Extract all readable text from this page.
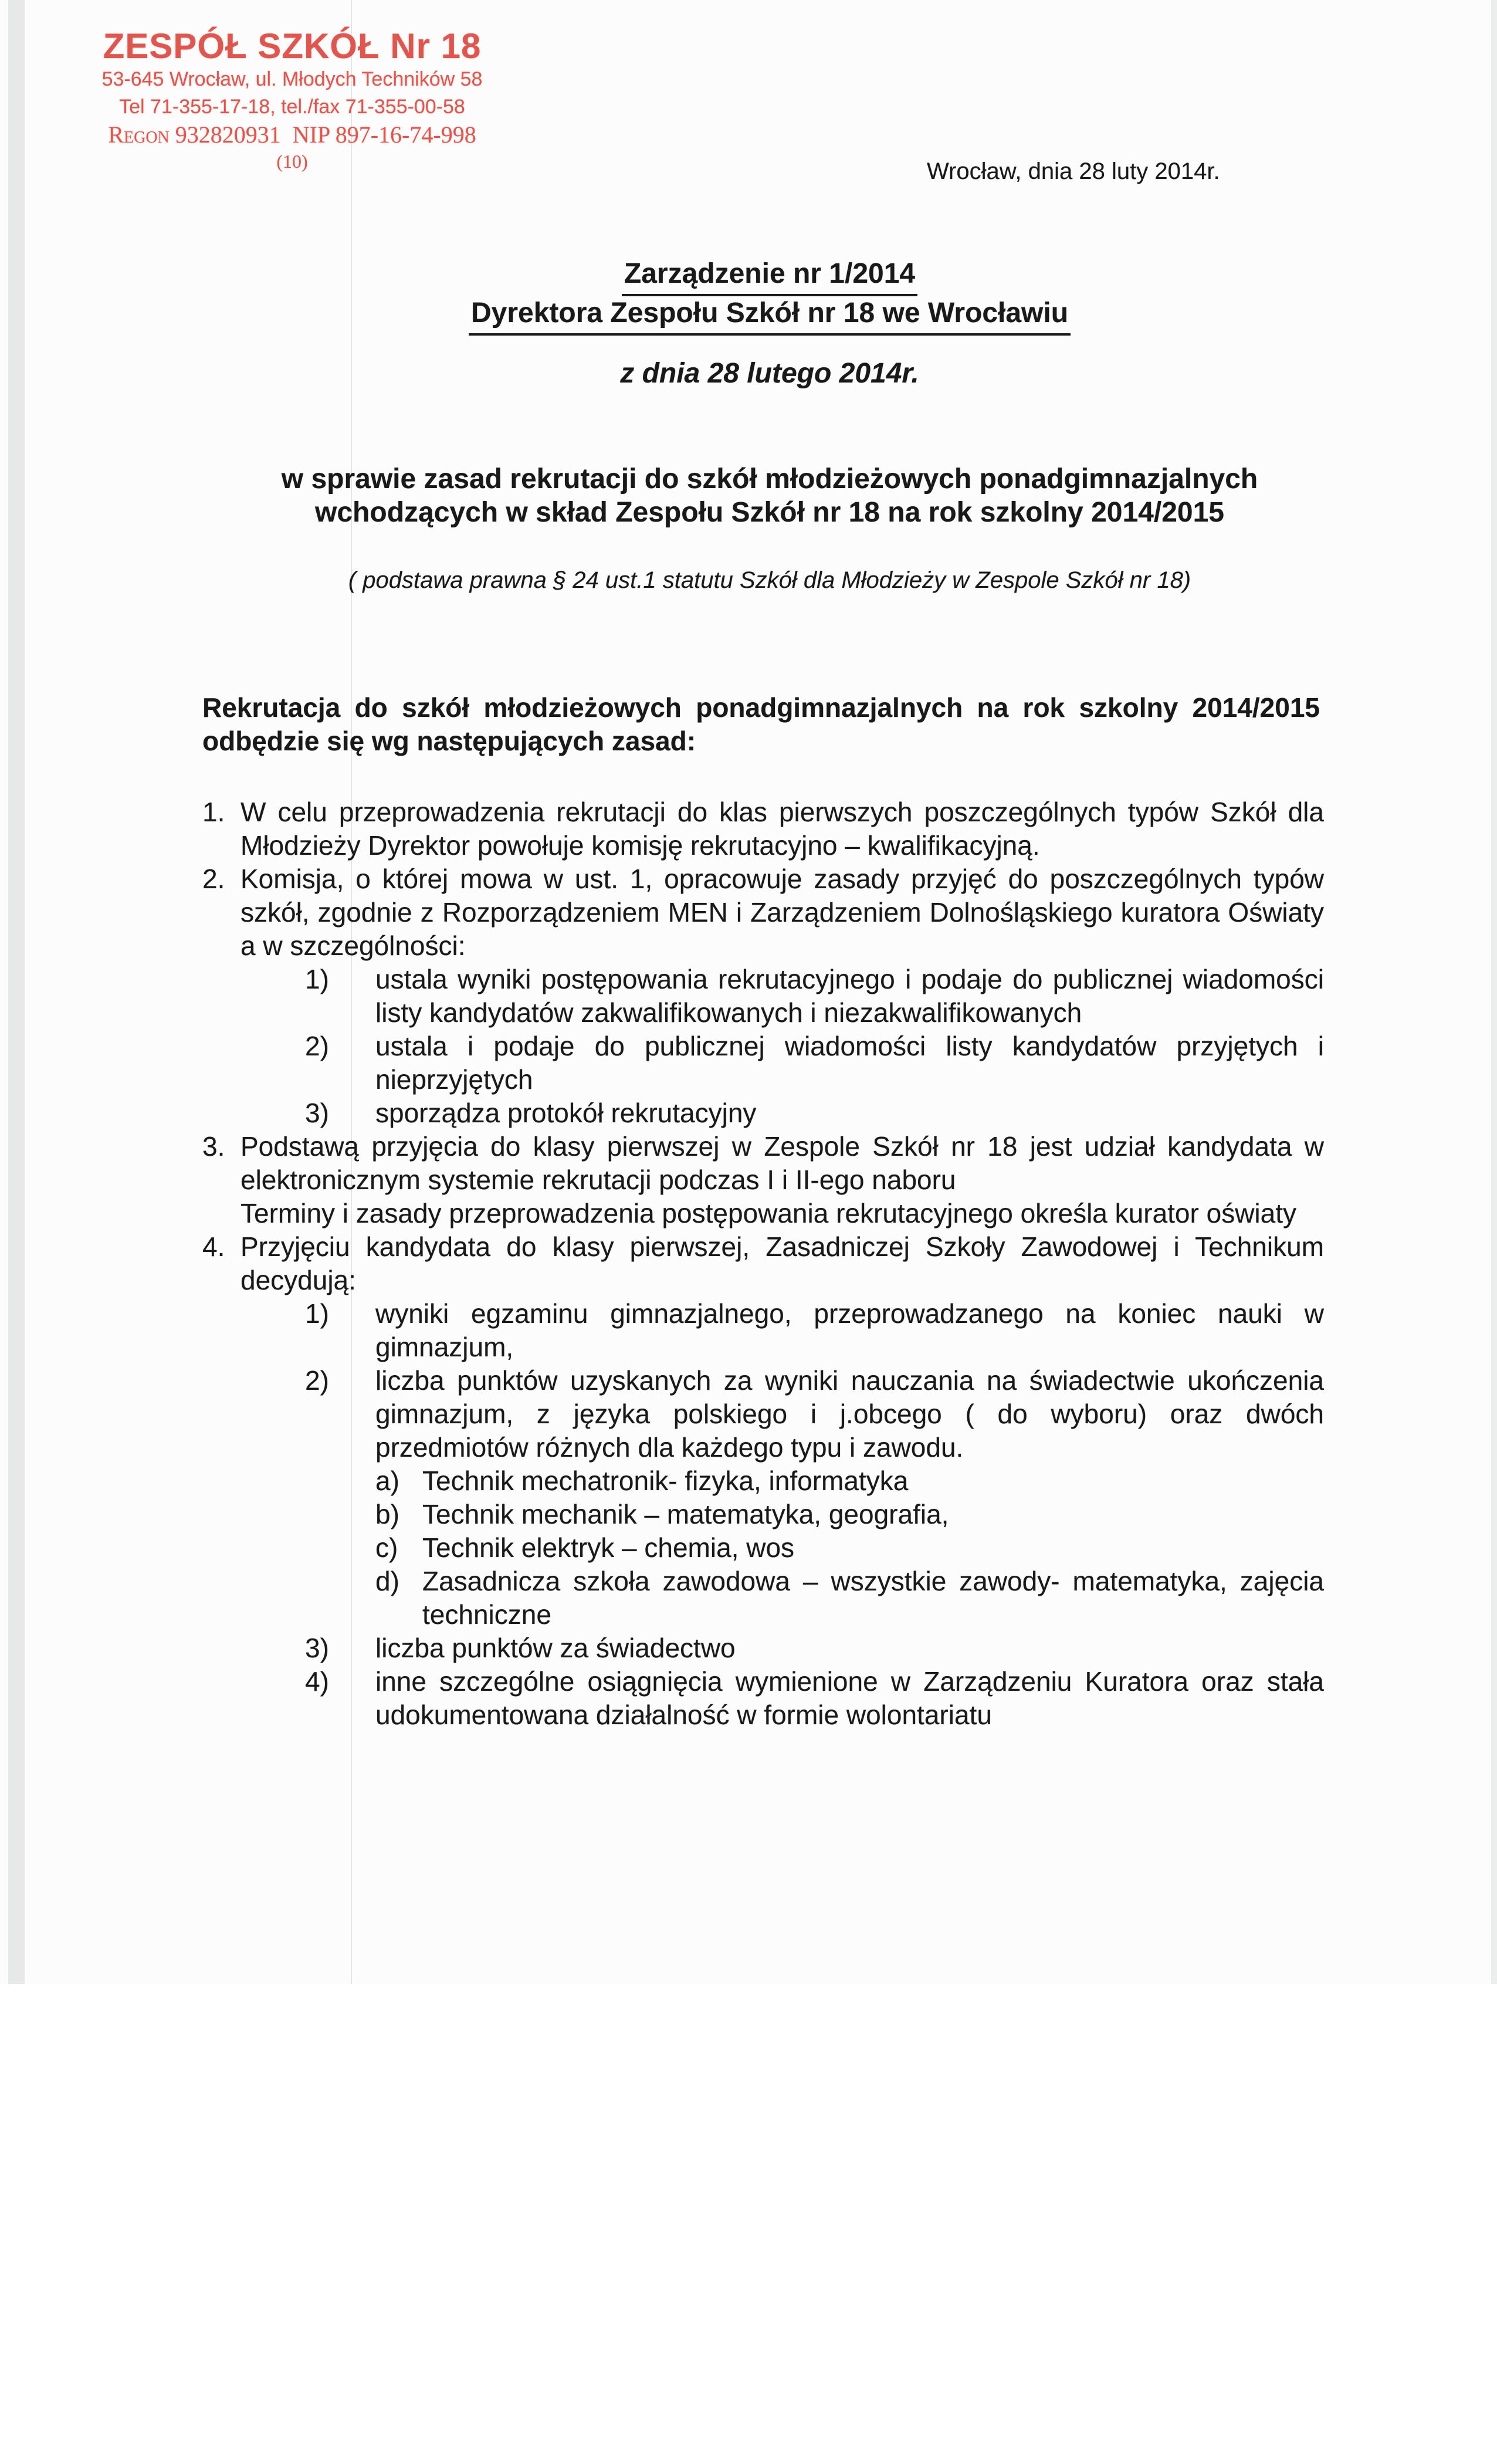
ZESPÓŁ SZKÓŁ Nr 18
53-645 Wrocław, ul. Młodych Techników 58
Tel 71-355-17-18, tel./fax 71-355-00-58
Regon 932820931  NIP 897-16-74-998
(10)	Wrocław, dnia 28 luty 2014r.
Zarządzenie nr 1/2014
Dyrektora Zespołu Szkół nr 18 we Wrocławiu
z dnia 28 lutego 2014r.
w sprawie zasad rekrutacji do szkół młodzieżowych ponadgimnazjalnych
wchodzących w skład Zespołu Szkół nr 18 na rok szkolny 2014/2015
( podstawa prawna § 24 ust.1 statutu Szkół dla Młodzieży w Zespole Szkół nr 18)
Rekrutacja do szkół młodzieżowych ponadgimnazjalnych na rok szkolny 2014/2015 odbędzie się wg następujących zasad:
1. W celu przeprowadzenia rekrutacji do klas pierwszych poszczególnych typów Szkół dla Młodzieży Dyrektor powołuje komisję rekrutacyjno – kwalifikacyjną.
2. Komisja, o której mowa w ust. 1, opracowuje zasady przyjęć do poszczególnych typów szkół, zgodnie z Rozporządzeniem MEN i Zarządzeniem Dolnośląskiego kuratora Oświaty a w szczególności:
1)	ustala wyniki postępowania rekrutacyjnego i podaje do publicznej wiadomości listy kandydatów zakwalifikowanych i niezakwalifikowanych
2)	ustala i podaje do publicznej wiadomości listy kandydatów przyjętych i nieprzyjętych
3)	sporządza protokół rekrutacyjny
3. Podstawą przyjęcia do klasy pierwszej w Zespole Szkół nr 18 jest udział kandydata w elektronicznym systemie rekrutacji podczas I i II-ego naboru
Terminy i zasady przeprowadzenia postępowania rekrutacyjnego określa kurator oświaty
4. Przyjęciu kandydata do klasy pierwszej, Zasadniczej Szkoły Zawodowej i Technikum decydują:
1)	wyniki egzaminu gimnazjalnego, przeprowadzanego na koniec nauki w gimnazjum,
2)	liczba punktów uzyskanych za wyniki nauczania na świadectwie ukończenia gimnazjum, z języka polskiego i j.obcego ( do wyboru) oraz dwóch przedmiotów różnych dla każdego typu i zawodu.
a) Technik mechatronik- fizyka, informatyka
b) Technik mechanik – matematyka, geografia,
c) Technik elektryk – chemia, wos
d) Zasadnicza szkoła zawodowa – wszystkie zawody- matematyka, zajęcia techniczne
3)	liczba punktów za świadectwo
4)	inne szczególne osiągnięcia wymienione w Zarządzeniu Kuratora oraz stała udokumentowana działalność w formie wolontariatu
